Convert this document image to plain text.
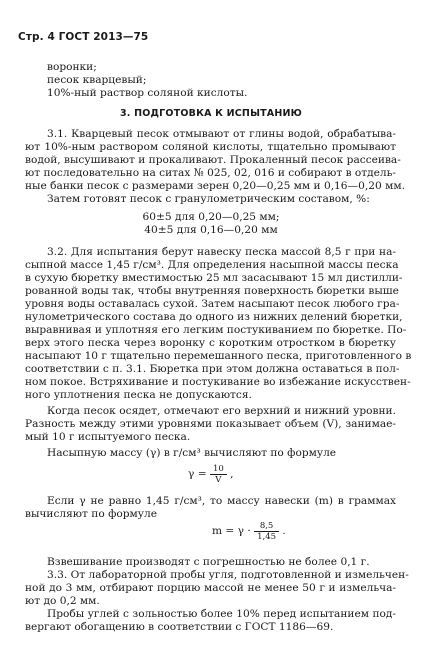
Стр. 4 ГОСТ 2013—75
воронки;
песок кварцевый;
10%-ный раствор соляной кислоты.
3. ПОДГОТОВКА К ИСПЫТАНИЮ
3.1. Кварцевый песок отмывают от глины водой, обрабатыва-
ют 10%-ным раствором соляной кислоты, тщательно промывают
водой, высушивают и прокаливают. Прокаленный песок рассеива-
ют последовательно на ситах № 025, 02, 016 и собирают в отдель-
ные банки песок с размерами зерен 0,20—0,25 мм и 0,16—0,20 мм.
Затем готовят песок с гранулометрическим составом, %:
60±5 для 0,20—0,25 мм;
40±5 для 0,16—0,20 мм
3.2. Для испытания берут навеску песка массой 8,5 г при на-
сыпной массе 1,45 г/см³. Для определения насыпной массы песка
в сухую бюретку вместимостью 25 мл засасывают 15 мл дистилли-
рованной воды так, чтобы внутренняя поверхность бюретки выше
уровня воды оставалась сухой. Затем насыпают песок любого гра-
нулометрического состава до одного из нижних делений бюретки,
выравнивая и уплотняя его легким постукиванием по бюретке. По-
верх этого песка через воронку с коротким отростком в бюретку
насыпают 10 г тщательно перемешанного песка, приготовленного в
соответствии с п. 3.1. Бюретка при этом должна оставаться в пол-
ном покое. Встряхивание и постукивание во избежание искусствен-
ного уплотнения песка не допускаются.
Когда песок осядет, отмечают его верхний и нижний уровни.
Разность между этими уровнями показывает объем (V), занимае-
мый 10 г испытуемого песка.
Насыпную массу (γ) в г/см³ вычисляют по формуле
$\gamma = \frac{10}{V}$ ,
Если γ не равно 1,45 г/см³, то массу навески (m) в граммах
вычисляют по формуле
$m = \gamma \cdot \frac{8,5}{1,45}$ .
Взвешивание производят с погрешностью не более 0,1 г.
3.3. От лабораторной пробы угля, подготовленной и измельчен-
ной до 3 мм, отбирают порцию массой не менее 50 г и измельча-
ют до 0,2 мм.
Пробы углей с зольностью более 10% перед испытанием под-
вергают обогащению в соответствии с ГОСТ 1186—69.
